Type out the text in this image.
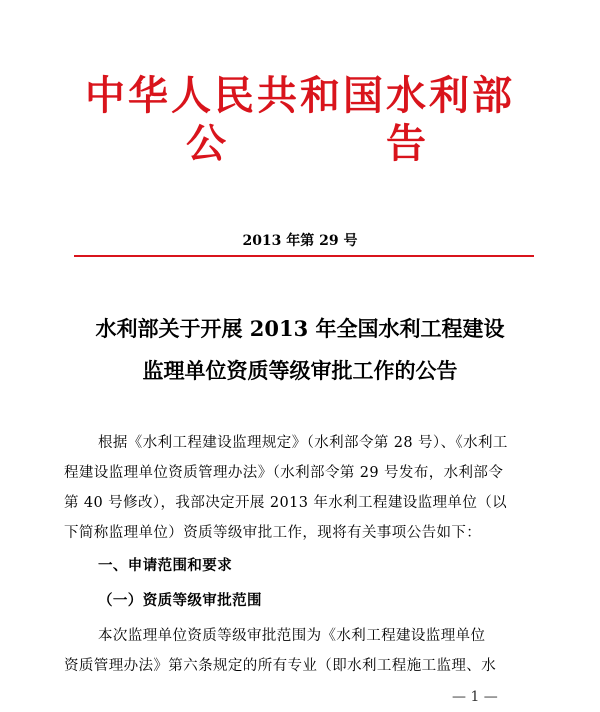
中华人民共和国水利部
公	告
2013 年第 29 号
水利部关于开展 2013 年全国水利工程建设
监理单位资质等级审批工作的公告
根据《水利工程建设监理规定》（水利部令第 28 号）、《水利工
程建设监理单位资质管理办法》（水利部令第 29 号发布，水利部令
第 40 号修改），我部决定开展 2013 年水利工程建设监理单位（以
下简称监理单位）资质等级审批工作，现将有关事项公告如下：
一、申请范围和要求
（一）资质等级审批范围
本次监理单位资质等级审批范围为《水利工程建设监理单位
资质管理办法》第六条规定的所有专业（即水利工程施工监理、水
— 1 —
